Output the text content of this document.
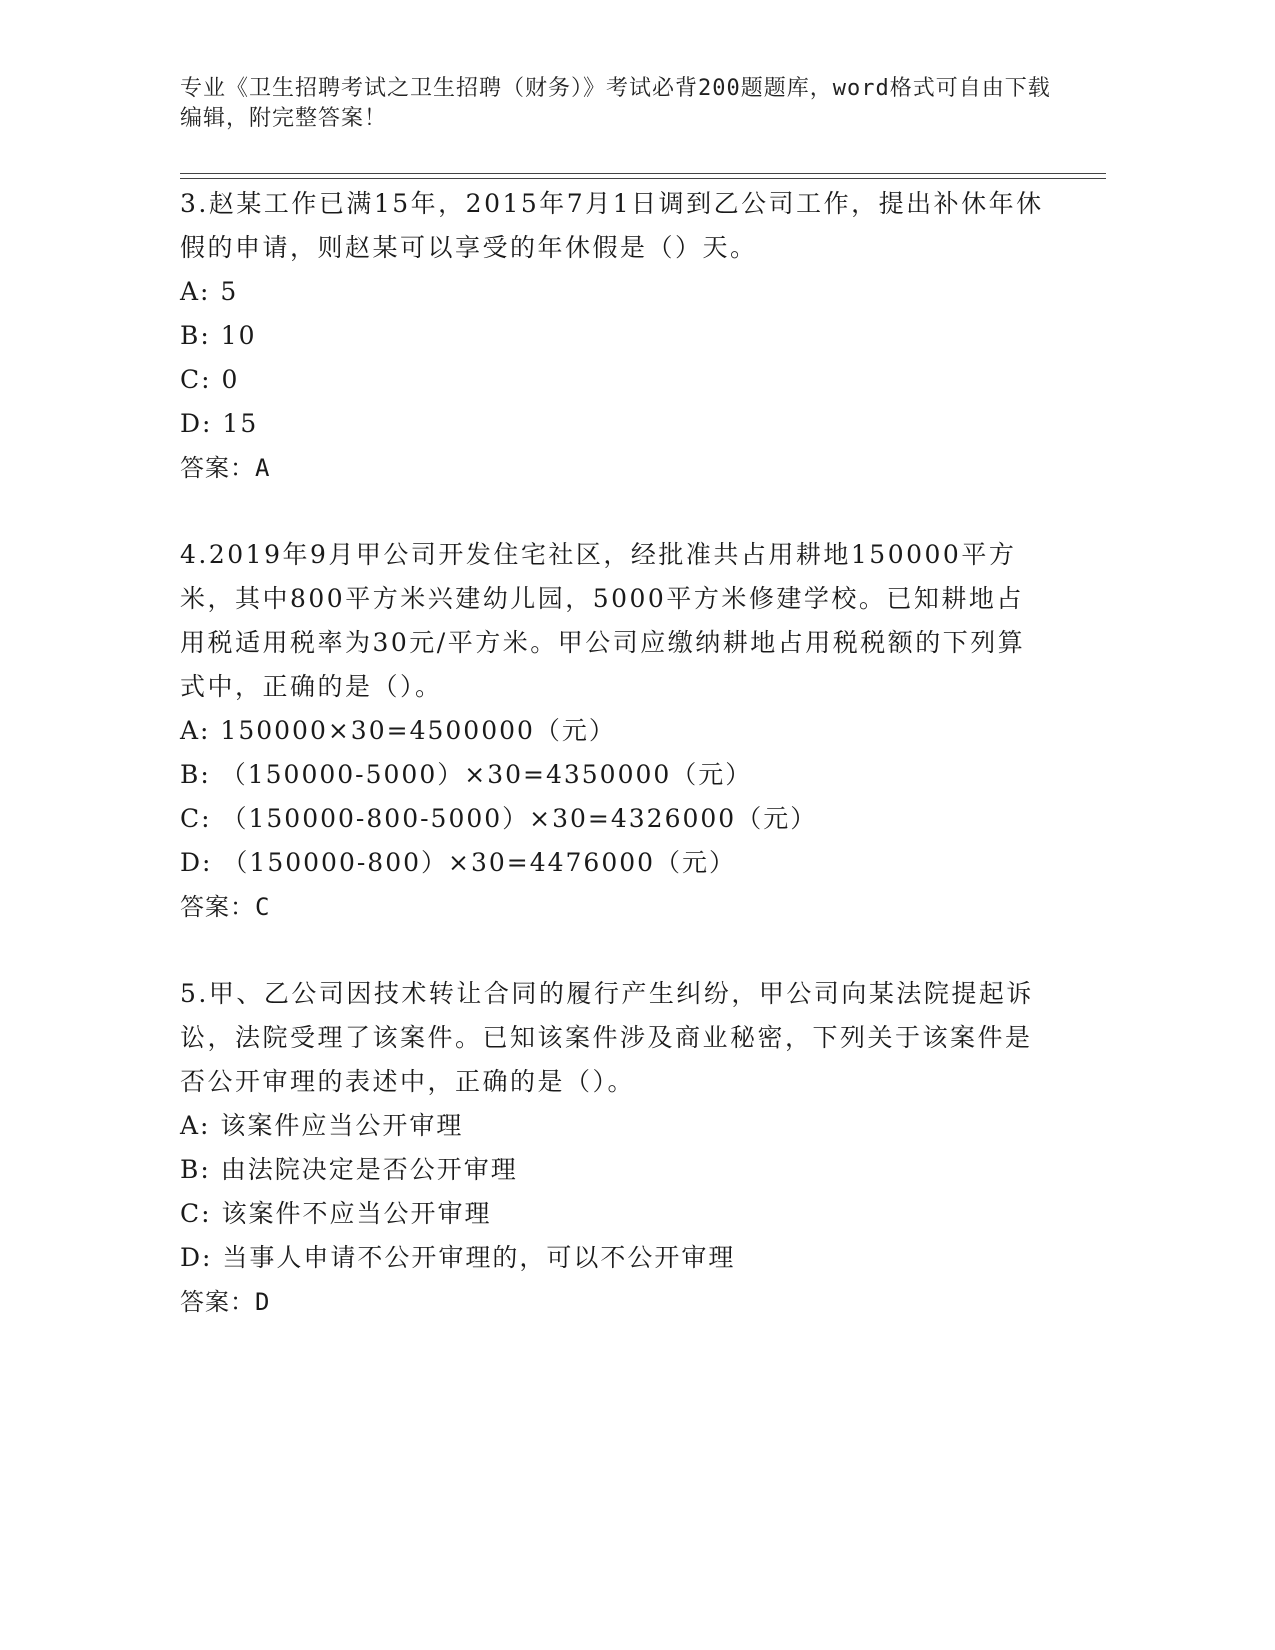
专业《卫生招聘考试之卫生招聘（财务）》考试必背200题题库，word格式可自由下载编辑，附完整答案！

3.赵某工作已满15年，2015年7月1日调到乙公司工作，提出补休年休假的申请，则赵某可以享受的年休假是（）天。

A: 5

B: 10

C: 0

D: 15

答案：A

4.2019年9月甲公司开发住宅社区，经批准共占用耕地150000平方米，其中800平方米兴建幼儿园，5000平方米修建学校。已知耕地占用税适用税率为30元/平方米。甲公司应缴纳耕地占用税税额的下列算式中，正确的是（）。

A: 150000×30=4500000（元）

B: （150000-5000）×30=4350000（元）

C: （150000-800-5000）×30=4326000（元）

D: （150000-800）×30=4476000（元）

答案：C

5.甲、乙公司因技术转让合同的履行产生纠纷，甲公司向某法院提起诉讼，法院受理了该案件。已知该案件涉及商业秘密，下列关于该案件是否公开审理的表述中，正确的是（）。

A: 该案件应当公开审理

B: 由法院决定是否公开审理

C: 该案件不应当公开审理

D: 当事人申请不公开审理的，可以不公开审理

答案：D
